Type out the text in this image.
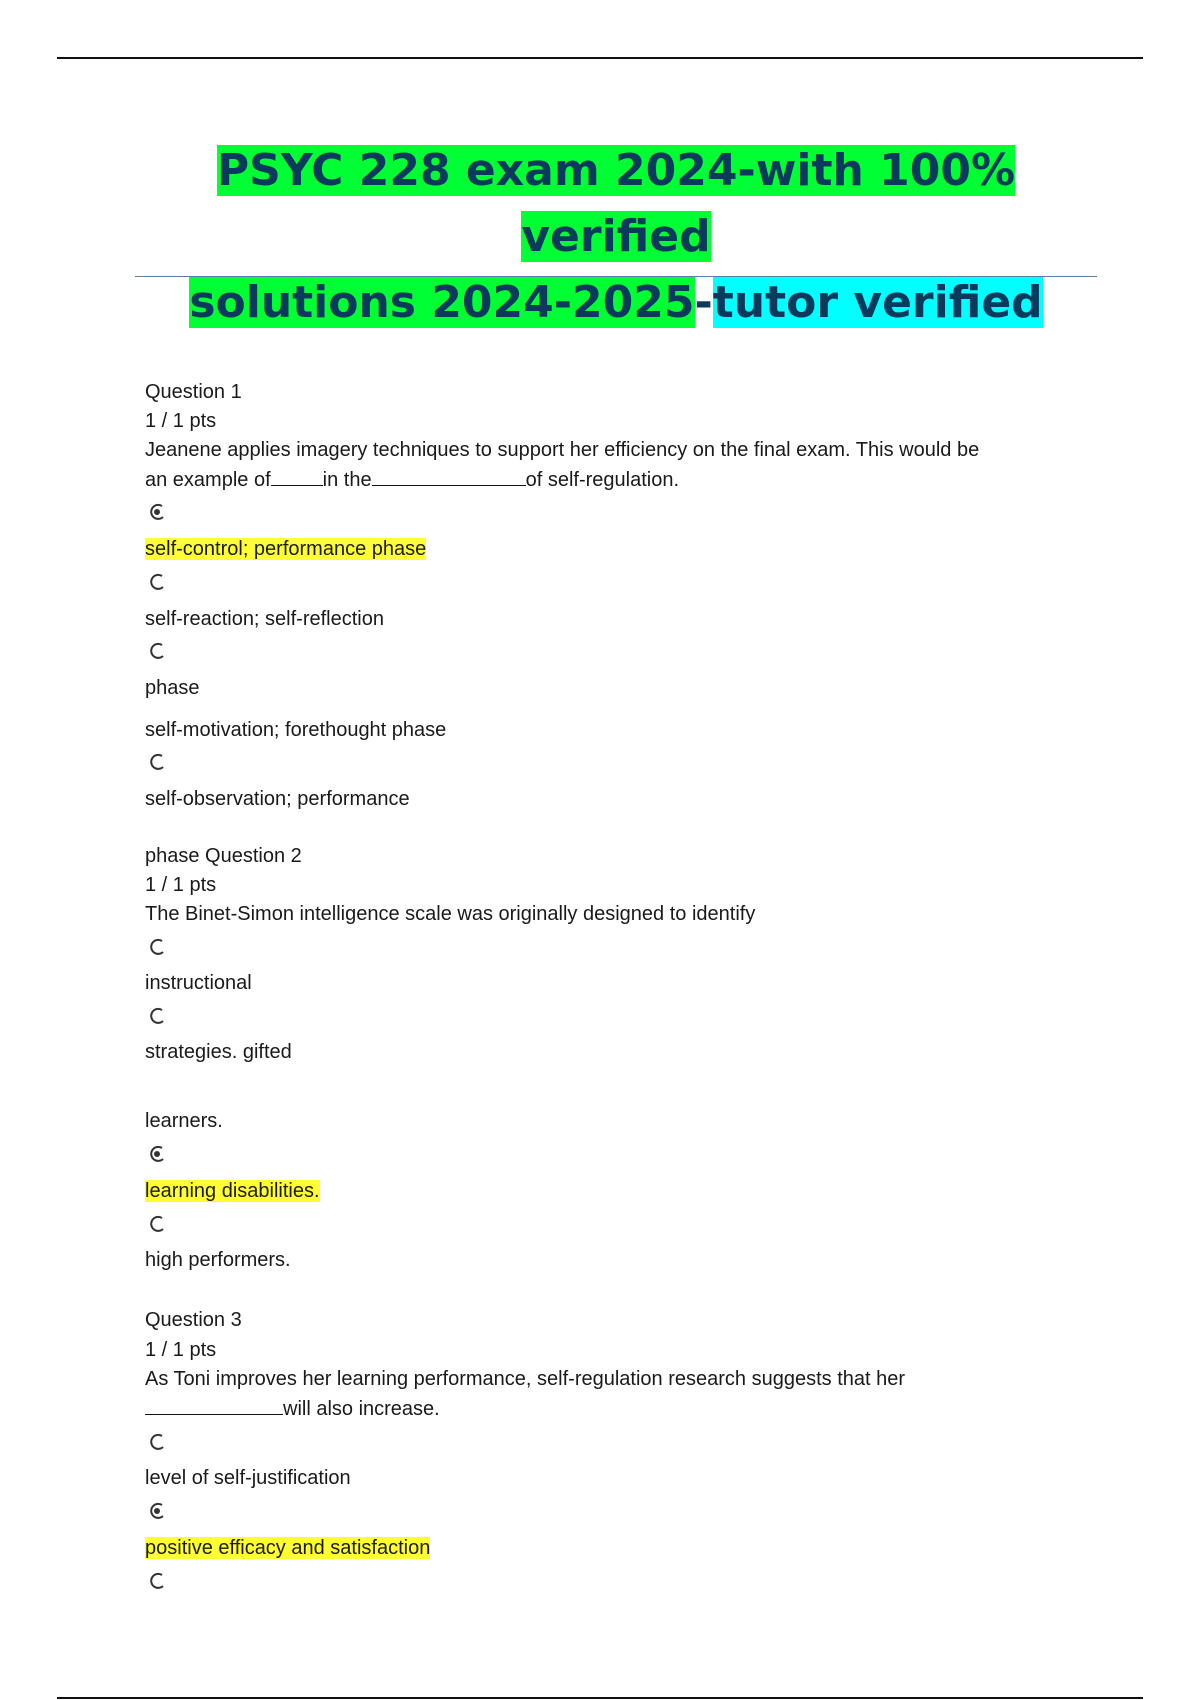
PSYC 228 exam 2024-with 100% verified
solutions 2024-2025-tutor verified
Question 1
1 / 1 pts
Jeanene applies imagery techniques to support her efficiency on the final exam. This would be
an example of	in the	of self-regulation.
self-control; performance phase
self-reaction; self-reflection
phase
self-motivation; forethought phase
self-observation; performance
phase Question 2
1 / 1 pts
The Binet-Simon intelligence scale was originally designed to identify
instructional
strategies. gifted
learners.
learning disabilities.
high performers.
Question 3
1 / 1 pts
As Toni improves her learning performance, self-regulation research suggests that her
will also increase.
level of self-justification
positive efficacy and satisfaction
